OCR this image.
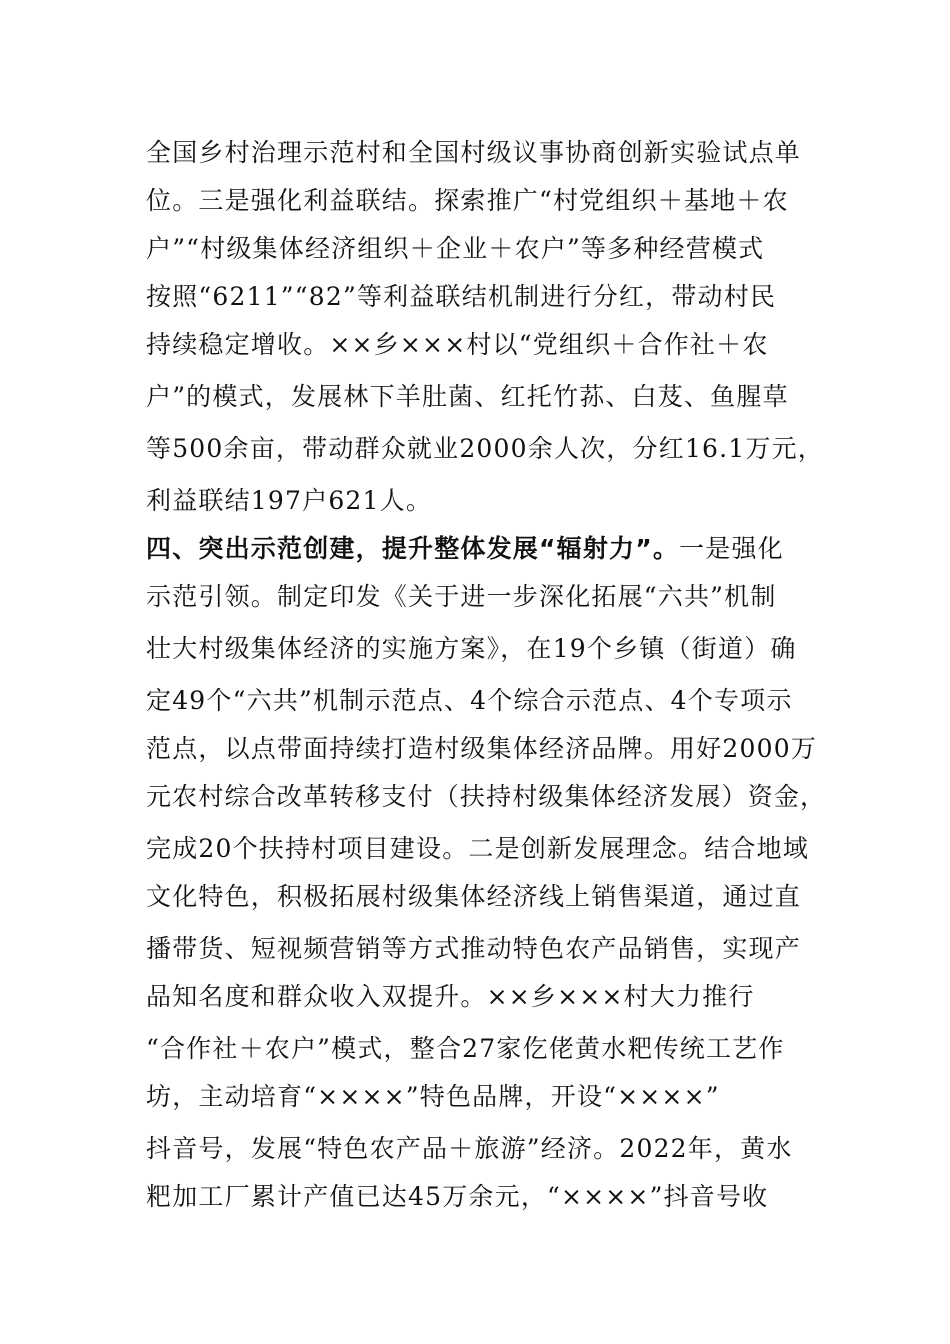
全国乡村治理示范村和全国村级议事协商创新实验试点单
位。三是强化利益联结。探索推广“村党组织＋基地＋农
户”“村级集体经济组织＋企业＋农户”等多种经营模式
按照“6211”“82”等利益联结机制进行分红，带动村民
持续稳定增收。××乡×××村以“党组织＋合作社＋农
户”的模式，发展林下羊肚菌、红托竹荪、白芨、鱼腥草
等500余亩，带动群众就业2000余人次，分红16.1万元，
利益联结197户621人。
四、突出示范创建，提升整体发展“辐射力”。一是强化
示范引领。制定印发《关于进一步深化拓展“六共”机制
壮大村级集体经济的实施方案》，在19个乡镇（街道）确
定49个“六共”机制示范点、4个综合示范点、4个专项示
范点，以点带面持续打造村级集体经济品牌。用好2000万
元农村综合改革转移支付（扶持村级集体经济发展）资金，
完成20个扶持村项目建设。二是创新发展理念。结合地域
文化特色，积极拓展村级集体经济线上销售渠道，通过直
播带货、短视频营销等方式推动特色农产品销售，实现产
品知名度和群众收入双提升。××乡×××村大力推行
“合作社＋农户”模式，整合27家仡佬黄水粑传统工艺作
坊，主动培育“××××”特色品牌，开设“××××”
抖音号，发展“特色农产品＋旅游”经济。2022年，黄水
粑加工厂累计产值已达45万余元，“××××”抖音号收
